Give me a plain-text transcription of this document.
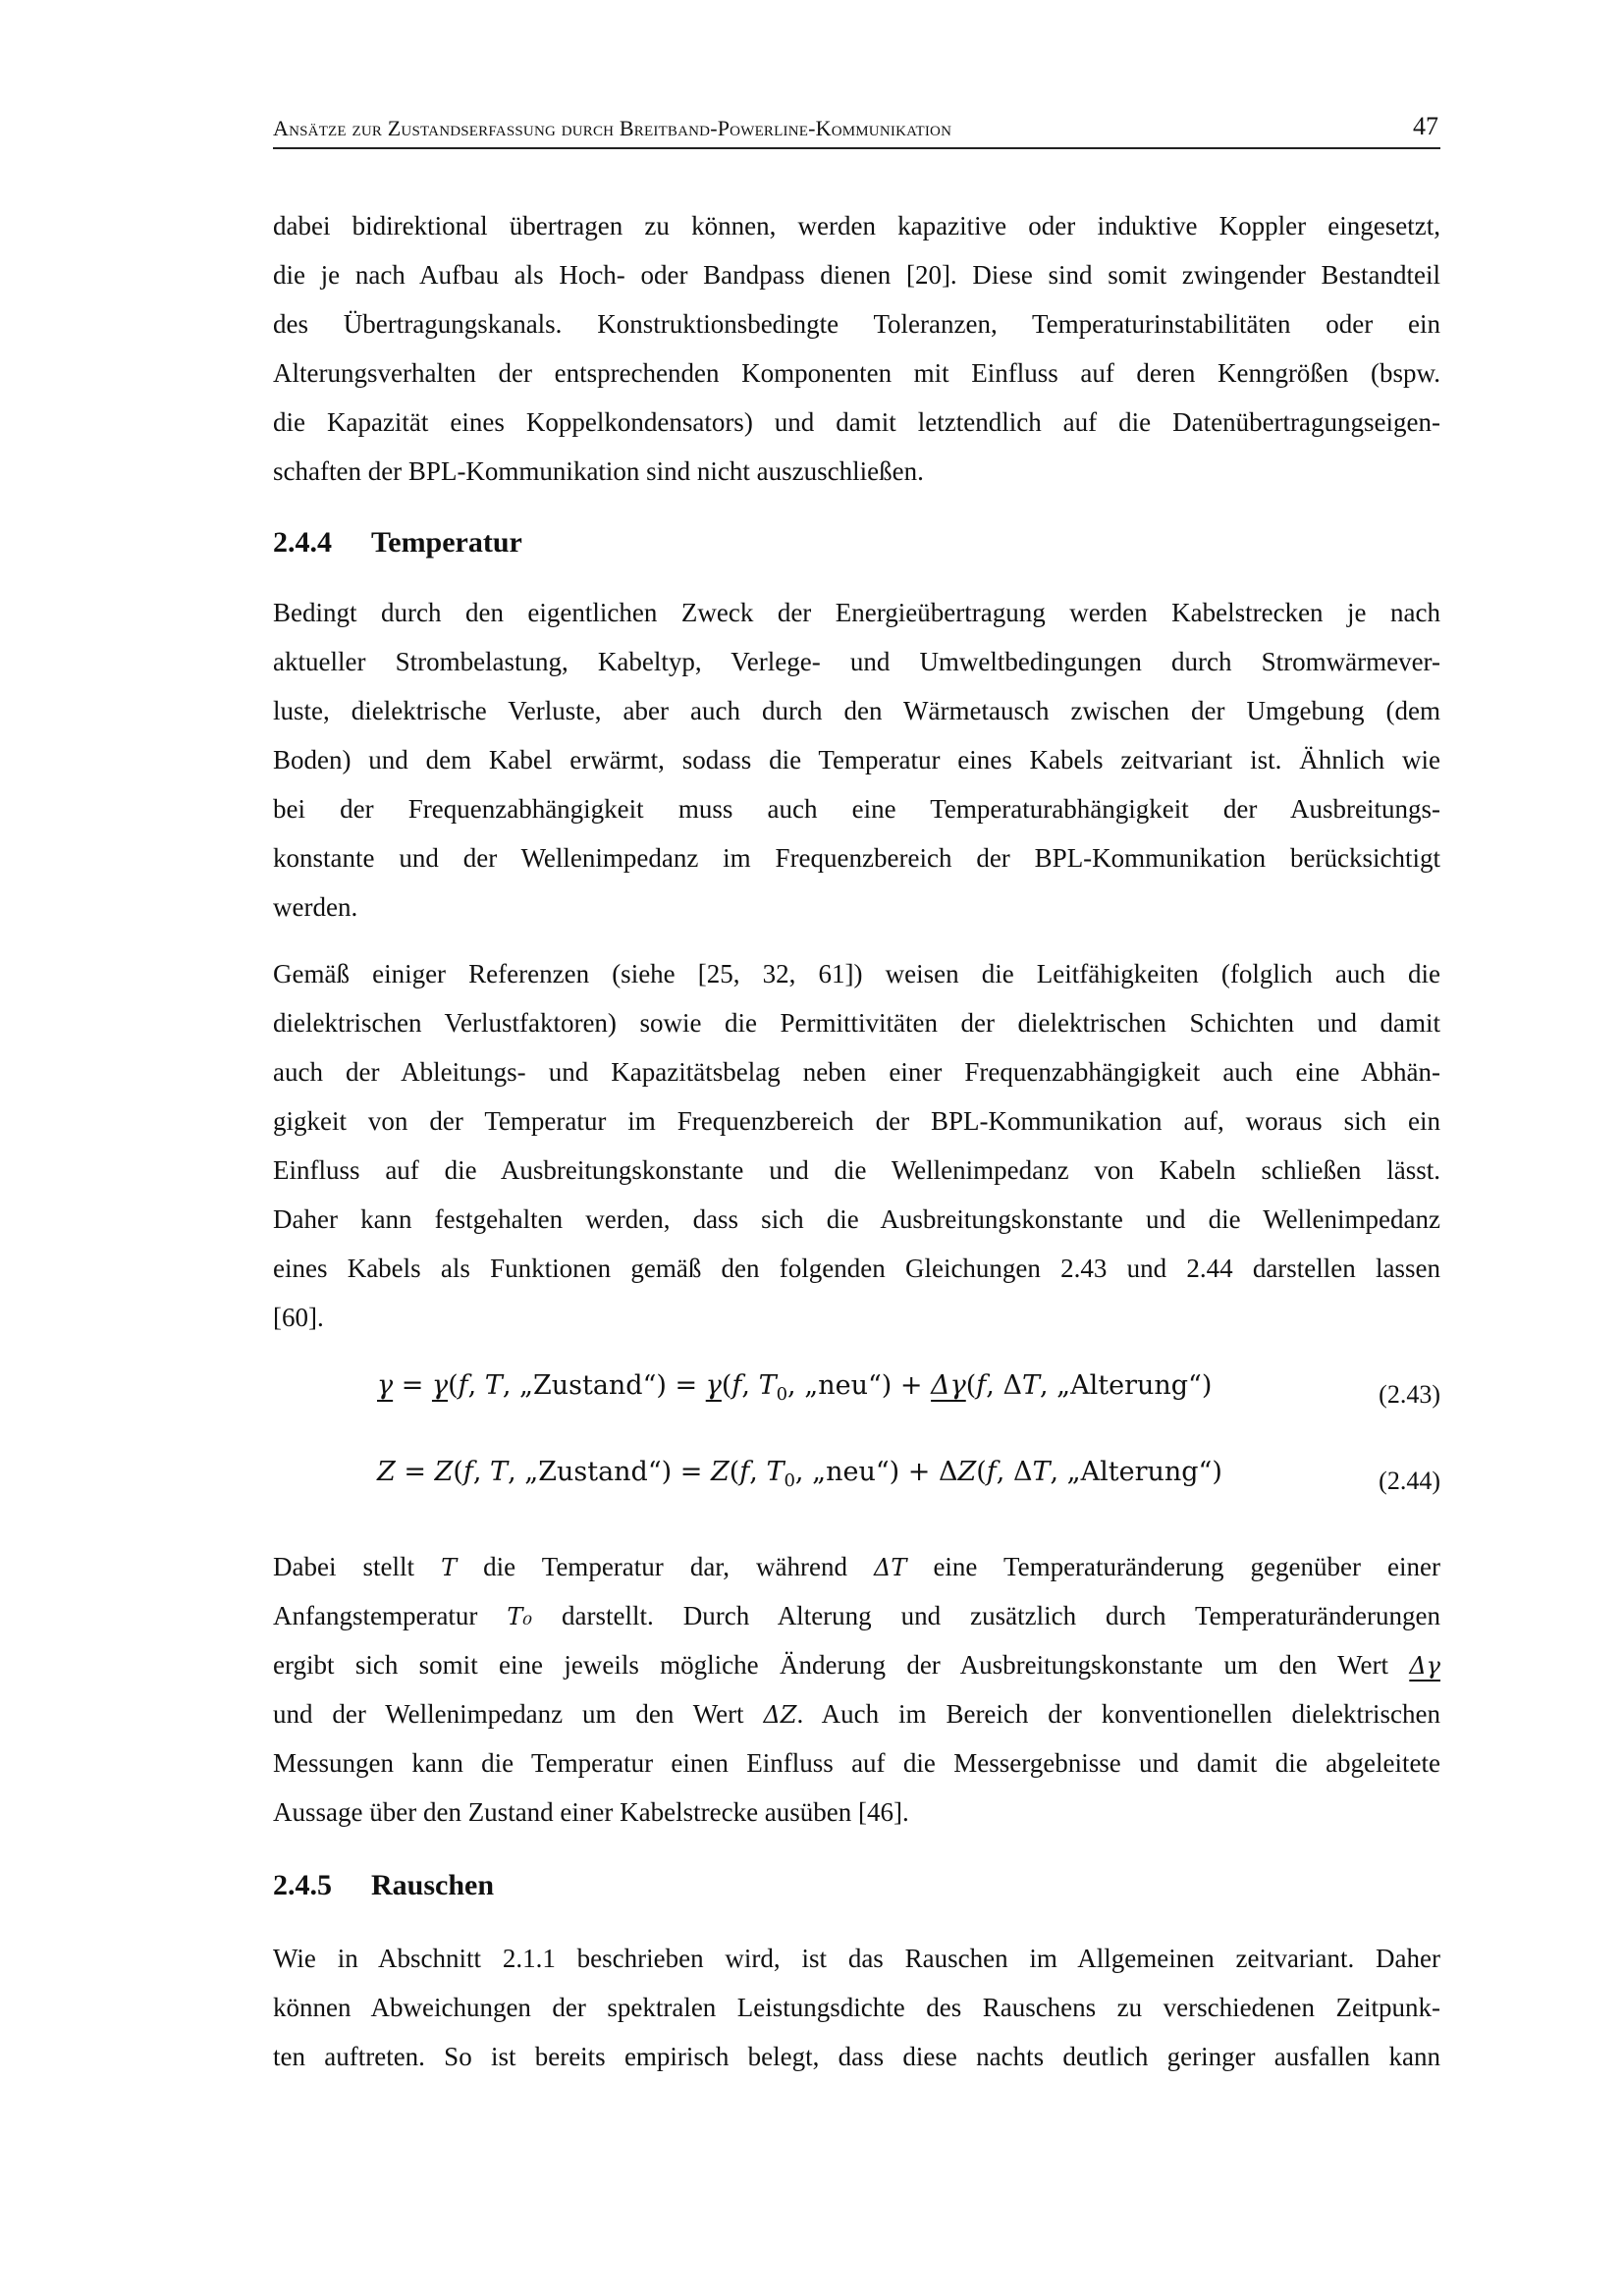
Ansätze zur Zustandserfassung durch Breitband-Powerline-Kommunikation	47
dabei bidirektional übertragen zu können, werden kapazitive oder induktive Koppler eingesetzt,
die je nach Aufbau als Hoch- oder Bandpass dienen [20]. Diese sind somit zwingender Bestandteil
des Übertragungskanals. Konstruktionsbedingte Toleranzen, Temperaturinstabilitäten oder ein
Alterungsverhalten der entsprechenden Komponenten mit Einfluss auf deren Kenngrößen (bspw.
die Kapazität eines Koppelkondensators) und damit letztendlich auf die Datenübertragungseigen-
schaften der BPL-Kommunikation sind nicht auszuschließen.
2.4.4 Temperatur
Bedingt durch den eigentlichen Zweck der Energieübertragung werden Kabelstrecken je nach
aktueller Strombelastung, Kabeltyp, Verlege- und Umweltbedingungen durch Stromwärmever-
luste, dielektrische Verluste, aber auch durch den Wärmetausch zwischen der Umgebung (dem
Boden) und dem Kabel erwärmt, sodass die Temperatur eines Kabels zeitvariant ist. Ähnlich wie
bei der Frequenzabhängigkeit muss auch eine Temperaturabhängigkeit der Ausbreitungs-
konstante und der Wellenimpedanz im Frequenzbereich der BPL-Kommunikation berücksichtigt
werden.
Gemäß einiger Referenzen (siehe [25, 32, 61]) weisen die Leitfähigkeiten (folglich auch die
dielektrischen Verlustfaktoren) sowie die Permittivitäten der dielektrischen Schichten und damit
auch der Ableitungs- und Kapazitätsbelag neben einer Frequenzabhängigkeit auch eine Abhän-
gigkeit von der Temperatur im Frequenzbereich der BPL-Kommunikation auf, woraus sich ein
Einfluss auf die Ausbreitungskonstante und die Wellenimpedanz von Kabeln schließen lässt.
Daher kann festgehalten werden, dass sich die Ausbreitungskonstante und die Wellenimpedanz
eines Kabels als Funktionen gemäß den folgenden Gleichungen 2.43 und 2.44 darstellen lassen
[60].
γ = γ(f, T, „Zustand“) = γ(f, $T_0$, „neu“) + Δγ(f, ΔT, „Alterung“)	(2.43)
Z = Z(f, T, „Zustand“) = Z(f, $T_0$, „neu“) + ΔZ(f, ΔT, „Alterung“)	(2.44)
Dabei stellt T die Temperatur dar, während ΔT eine Temperaturänderung gegenüber einer
Anfangstemperatur T₀ darstellt. Durch Alterung und zusätzlich durch Temperaturänderungen
ergibt sich somit eine jeweils mögliche Änderung der Ausbreitungskonstante um den Wert Δγ
und der Wellenimpedanz um den Wert ΔZ. Auch im Bereich der konventionellen dielektrischen
Messungen kann die Temperatur einen Einfluss auf die Messergebnisse und damit die abgeleitete
Aussage über den Zustand einer Kabelstrecke ausüben [46].
2.4.5 Rauschen
Wie in Abschnitt 2.1.1 beschrieben wird, ist das Rauschen im Allgemeinen zeitvariant. Daher
können Abweichungen der spektralen Leistungsdichte des Rauschens zu verschiedenen Zeitpunk-
ten auftreten. So ist bereits empirisch belegt, dass diese nachts deutlich geringer ausfallen kann
